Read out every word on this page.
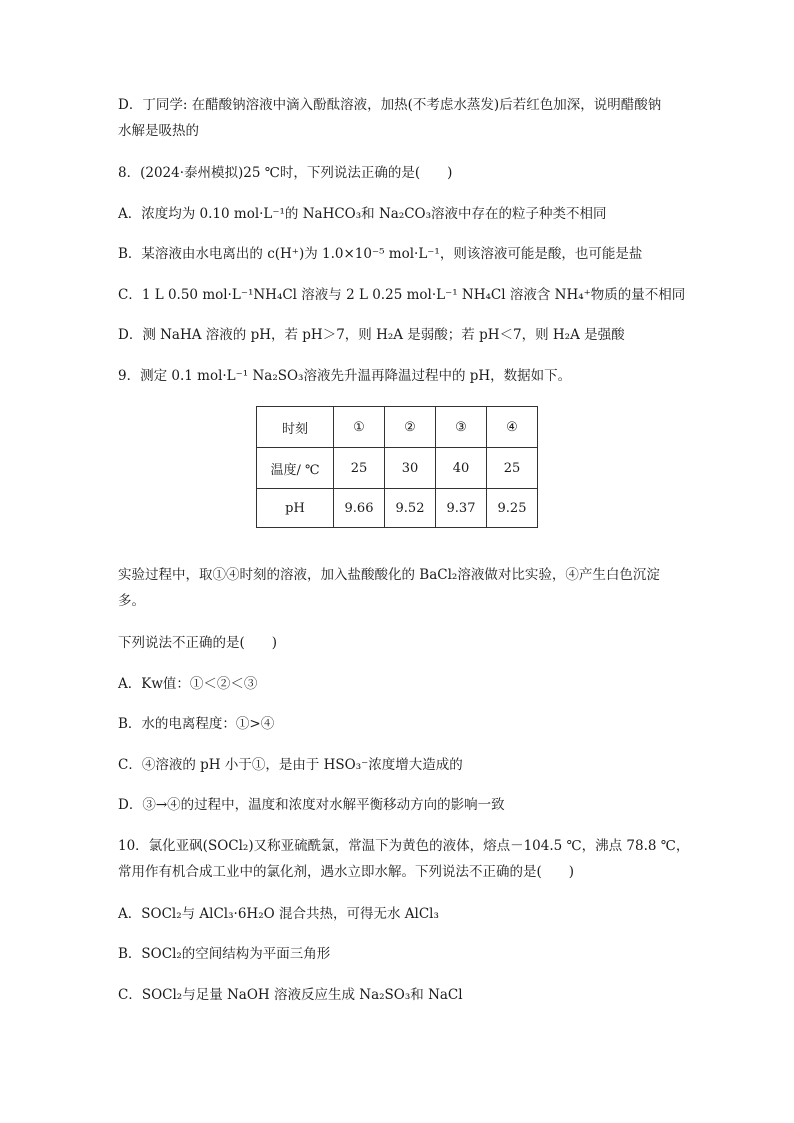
D．丁同学: 在醋酸钠溶液中滴入酚酞溶液，加热(不考虑水蒸发)后若红色加深，说明醋酸钠
水解是吸热的
8．(2024·泰州模拟)25 ℃时，下列说法正确的是(　　)
A．浓度均为 0.10 mol·L⁻¹的 NaHCO₃和 Na₂CO₃溶液中存在的粒子种类不相同
B．某溶液由水电离出的 c(H⁺)为 1.0×10⁻⁵ mol·L⁻¹，则该溶液可能是酸，也可能是盐
C．1 L 0.50 mol·L⁻¹NH₄Cl 溶液与 2 L 0.25 mol·L⁻¹ NH₄Cl 溶液含 NH₄⁺物质的量不相同
D．测 NaHA 溶液的 pH，若 pH＞7，则 H₂A 是弱酸；若 pH＜7，则 H₂A 是强酸
9．测定 0.1 mol·L⁻¹ Na₂SO₃溶液先升温再降温过程中的 pH，数据如下。
时刻	①	②	③	④
温度/ ℃	25	30	40	25
pH	9.66	9.52	9.37	9.25
实验过程中，取①④时刻的溶液，加入盐酸酸化的 BaCl₂溶液做对比实验，④产生白色沉淀
多。
下列说法不正确的是(　　)
A．Kw值：①＜②＜③
B．水的电离程度：①>④
C．④溶液的 pH 小于①，是由于 HSO₃⁻浓度增大造成的
D．③→④的过程中，温度和浓度对水解平衡移动方向的影响一致
10．氯化亚砜(SOCl₂)又称亚硫酰氯，常温下为黄色的液体，熔点－104.5 ℃，沸点 78.8 ℃，
常用作有机合成工业中的氯化剂，遇水立即水解。下列说法不正确的是(　　)
A．SOCl₂与 AlCl₃·6H₂O 混合共热，可得无水 AlCl₃
B．SOCl₂的空间结构为平面三角形
C．SOCl₂与足量 NaOH 溶液反应生成 Na₂SO₃和 NaCl
